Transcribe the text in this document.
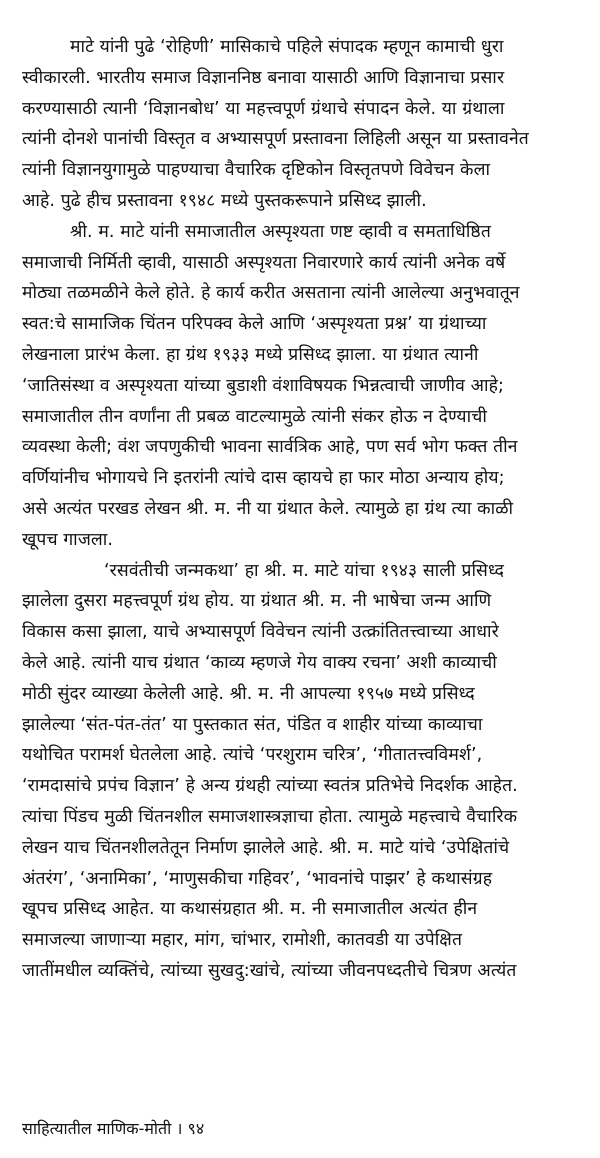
माटे यांनी पुढे ‘रोहिणी’ मासिकाचे पहिले संपादक म्हणून कामाची धुरा
स्वीकारली. भारतीय समाज विज्ञाननिष्ठ बनावा यासाठी आणि विज्ञानाचा प्रसार
करण्यासाठी त्यानी ‘विज्ञानबोध’ या महत्त्वपूर्ण ग्रंथाचे संपादन केले. या ग्रंथाला
त्यांनी दोनशे पानांची विस्तृत व अभ्यासपूर्ण प्रस्तावना लिहिली असून या प्रस्तावनेत
त्यांनी विज्ञानयुगामुळे पाहण्याचा वैचारिक दृष्टिकोन विस्तृतपणे विवेचन केला
आहे. पुढे हीच प्रस्तावना १९४८ मध्ये पुस्तकरूपाने प्रसिध्द झाली.
श्री. म. माटे यांनी समाजातील अस्पृश्यता णष्ट व्हावी व समताधिष्ठित
समाजाची निर्मिती व्हावी, यासाठी अस्पृश्यता निवारणारे कार्य त्यांनी अनेक वर्षे
मोठ्या तळमळीने केले होते. हे कार्य करीत असताना त्यांनी आलेल्या अनुभवातून
स्वत:चे सामाजिक चिंतन परिपक्व केले आणि ‘अस्पृश्यता प्रश्न’ या ग्रंथाच्या
लेखनाला प्रारंभ केला. हा ग्रंथ १९३३ मध्ये प्रसिध्द झाला. या ग्रंथात त्यानी
‘जातिसंस्था व अस्पृश्यता यांच्या बुडाशी वंशाविषयक भिन्नत्वाची जाणीव आहे;
समाजातील तीन वर्णांना ती प्रबळ वाटल्यामुळे त्यांनी संकर होऊ न देण्याची
व्यवस्था केली; वंश जपणुकीची भावना सार्वत्रिक आहे, पण सर्व भोग फक्त तीन
वर्णियांनीच भोगायचे नि इतरांनी त्यांचे दास व्हायचे हा फार मोठा अन्याय होय;
असे अत्यंत परखड लेखन श्री. म. नी या ग्रंथात केले. त्यामुळे हा ग्रंथ त्या काळी
खूपच गाजला.
‘रसवंतीची जन्मकथा’ हा श्री. म. माटे यांचा १९४३ साली प्रसिध्द
झालेला दुसरा महत्त्वपूर्ण ग्रंथ होय. या ग्रंथात श्री. म. नी भाषेचा जन्म आणि
विकास कसा झाला, याचे अभ्यासपूर्ण विवेचन त्यांनी उत्क्रांतितत्त्वाच्या आधारे
केले आहे. त्यांनी याच ग्रंथात ‘काव्य म्हणजे गेय वाक्य रचना’ अशी काव्याची
मोठी सुंदर व्याख्या केलेली आहे. श्री. म. नी आपल्या १९५७ मध्ये प्रसिध्द
झालेल्या ‘संत-पंत-तंत’ या पुस्तकात संत, पंडित व शाहीर यांच्या काव्याचा
यथोचित परामर्श घेतलेला आहे. त्यांचे ‘परशुराम चरित्र’, ‘गीतातत्त्वविमर्श’,
‘रामदासांचे प्रपंच विज्ञान’ हे अन्य ग्रंथही त्यांच्या स्वतंत्र प्रतिभेचे निदर्शक आहेत.
त्यांचा पिंडच मुळी चिंतनशील समाजशास्त्रज्ञाचा होता. त्यामुळे महत्त्वाचे वैचारिक
लेखन याच चिंतनशीलतेतून निर्माण झालेले आहे. श्री. म. माटे यांचे ‘उपेक्षितांचे
अंतरंग’, ‘अनामिका’, ‘माणुसकीचा गहिवर’, ‘भावनांचे पाझर’ हे कथासंग्रह
खूपच प्रसिध्द आहेत. या कथासंग्रहात श्री. म. नी समाजातील अत्यंत हीन
समाजल्या जाणाऱ्या महार, मांग, चांभार, रामोशी, कातवडी या उपेक्षित
जातींमधील व्यक्तिंचे, त्यांच्या सुखदु:खांचे, त्यांच्या जीवनपध्दतीचे चित्रण अत्यंत
साहित्यातील माणिक-मोती । ९४
